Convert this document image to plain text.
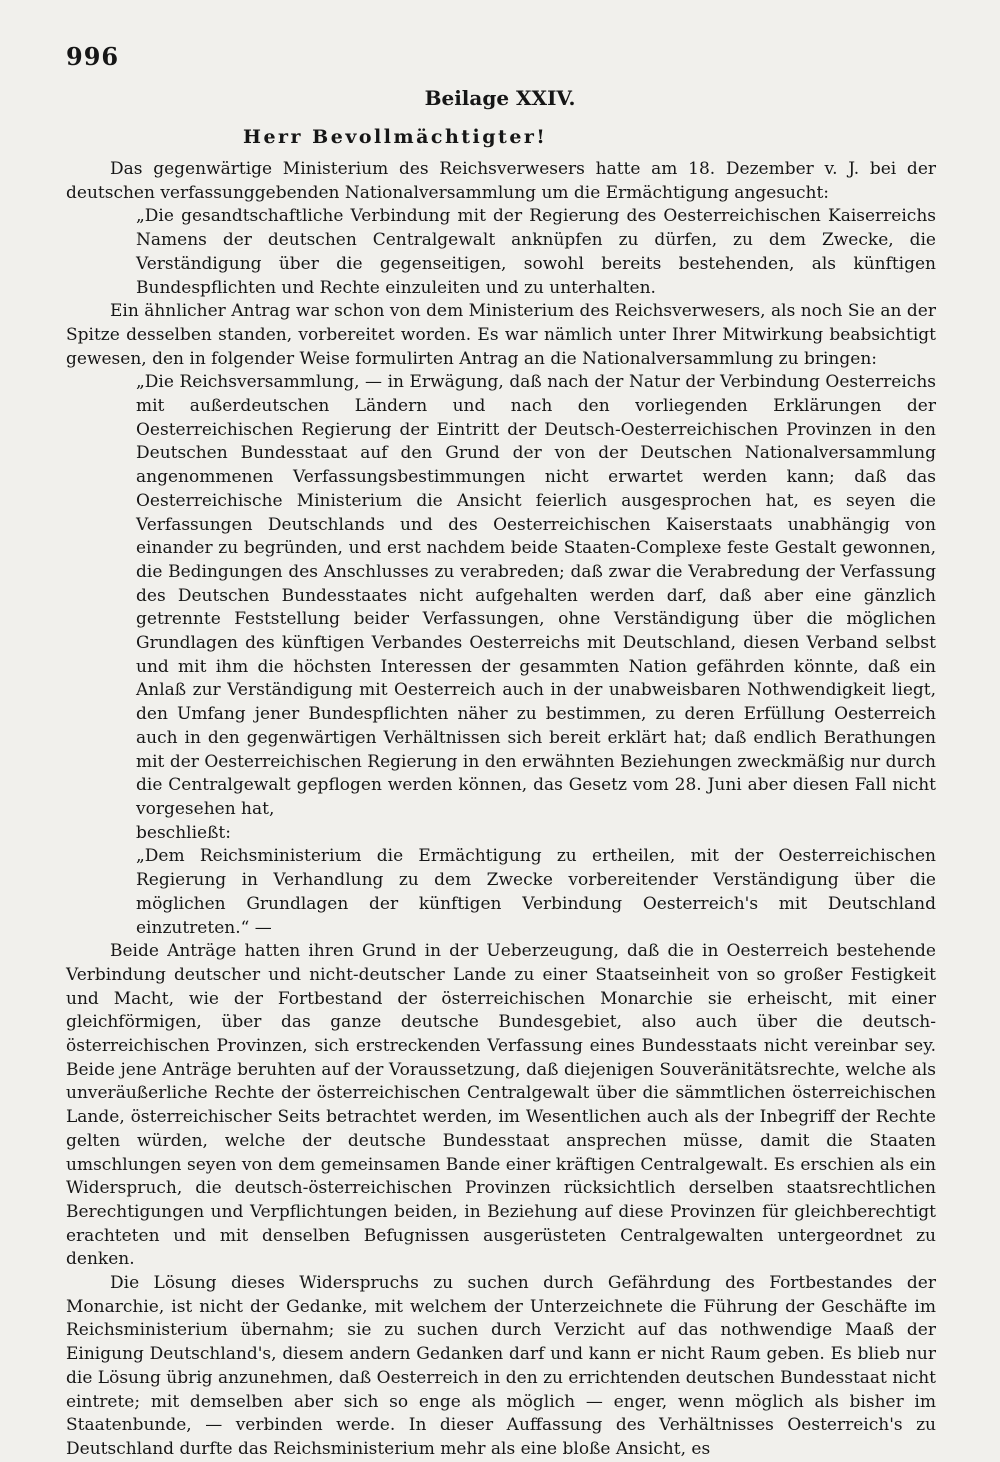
996
Beilage XXIV.
Herr Bevollmächtigter!

Das gegenwärtige Ministerium des Reichsverwesers hatte am 18. Dezember v. J. bei der deutschen verfassunggebenden Nationalversammlung um die Ermächtigung angesucht:

„Die gesandtschaftliche Verbindung mit der Regierung des Oesterreichischen Kaiserreichs Namens der deutschen Centralgewalt anknüpfen zu dürfen, zu dem Zwecke, die Verständigung über die gegenseitigen, sowohl bereits bestehenden, als künftigen Bundespflichten und Rechte einzuleiten und zu unterhalten.

Ein ähnlicher Antrag war schon von dem Ministerium des Reichsverwesers, als noch Sie an der Spitze desselben standen, vorbereitet worden. Es war nämlich unter Ihrer Mitwirkung beabsichtigt gewesen, den in folgender Weise formulirten Antrag an die Nationalversammlung zu bringen:

„Die Reichsversammlung, — in Erwägung, daß nach der Natur der Verbindung Oesterreichs mit außerdeutschen Ländern und nach den vorliegenden Erklärungen der Oesterreichischen Regierung der Eintritt der Deutsch-Oesterreichischen Provinzen in den Deutschen Bundesstaat auf den Grund der von der Deutschen Nationalversammlung angenommenen Verfassungsbestimmungen nicht erwartet werden kann; daß das Oesterreichische Ministerium die Ansicht feierlich ausgesprochen hat, es seyen die Verfassungen Deutschlands und des Oesterreichischen Kaiserstaats unabhängig von einander zu begründen, und erst nachdem beide Staaten-Complexe feste Gestalt gewonnen, die Bedingungen des Anschlusses zu verabreden; daß zwar die Verabredung der Verfassung des Deutschen Bundesstaates nicht aufgehalten werden darf, daß aber eine gänzlich getrennte Feststellung beider Verfassungen, ohne Verständigung über die möglichen Grundlagen des künftigen Verbandes Oesterreichs mit Deutschland, diesen Verband selbst und mit ihm die höchsten Interessen der gesammten Nation gefährden könnte, daß ein Anlaß zur Verständigung mit Oesterreich auch in der unabweisbaren Nothwendigkeit liegt, den Umfang jener Bundespflichten näher zu bestimmen, zu deren Erfüllung Oesterreich auch in den gegenwärtigen Verhältnissen sich bereit erklärt hat; daß endlich Berathungen mit der Oesterreichischen Regierung in den erwähnten Beziehungen zweckmäßig nur durch die Centralgewalt gepflogen werden können, das Gesetz vom 28. Juni aber diesen Fall nicht vorgesehen hat,

beschließt:

„Dem Reichsministerium die Ermächtigung zu ertheilen, mit der Oesterreichischen Regierung in Verhandlung zu dem Zwecke vorbereitender Verständigung über die möglichen Grundlagen der künftigen Verbindung Oesterreich's mit Deutschland einzutreten.“ —

Beide Anträge hatten ihren Grund in der Ueberzeugung, daß die in Oesterreich bestehende Verbindung deutscher und nicht-deutscher Lande zu einer Staatseinheit von so großer Festigkeit und Macht, wie der Fortbestand der österreichischen Monarchie sie erheischt, mit einer gleichförmigen, über das ganze deutsche Bundesgebiet, also auch über die deutsch-österreichischen Provinzen, sich erstreckenden Verfassung eines Bundesstaats nicht vereinbar sey. Beide jene Anträge beruhten auf der Voraussetzung, daß diejenigen Souveränitätsrechte, welche als unveräußerliche Rechte der österreichischen Centralgewalt über die sämmtlichen österreichischen Lande, österreichischer Seits betrachtet werden, im Wesentlichen auch als der Inbegriff der Rechte gelten würden, welche der deutsche Bundesstaat ansprechen müsse, damit die Staaten umschlungen seyen von dem gemeinsamen Bande einer kräftigen Centralgewalt. Es erschien als ein Widerspruch, die deutsch-österreichischen Provinzen rücksichtlich derselben staatsrechtlichen Berechtigungen und Verpflichtungen beiden, in Beziehung auf diese Provinzen für gleichberechtigt erachteten und mit denselben Befugnissen ausgerüsteten Centralgewalten untergeordnet zu denken.

Die Lösung dieses Widerspruchs zu suchen durch Gefährdung des Fortbestandes der Monarchie, ist nicht der Gedanke, mit welchem der Unterzeichnete die Führung der Geschäfte im Reichsministerium übernahm; sie zu suchen durch Verzicht auf das nothwendige Maaß der Einigung Deutschland's, diesem andern Gedanken darf und kann er nicht Raum geben. Es blieb nur die Lösung übrig anzunehmen, daß Oesterreich in den zu errichtenden deutschen Bundesstaat nicht eintrete; mit demselben aber sich so enge als möglich — enger, wenn möglich als bisher im Staatenbunde, — verbinden werde. In dieser Auffassung des Verhältnisses Oesterreich's zu Deutschland durfte das Reichsministerium mehr als eine bloße Ansicht, es
